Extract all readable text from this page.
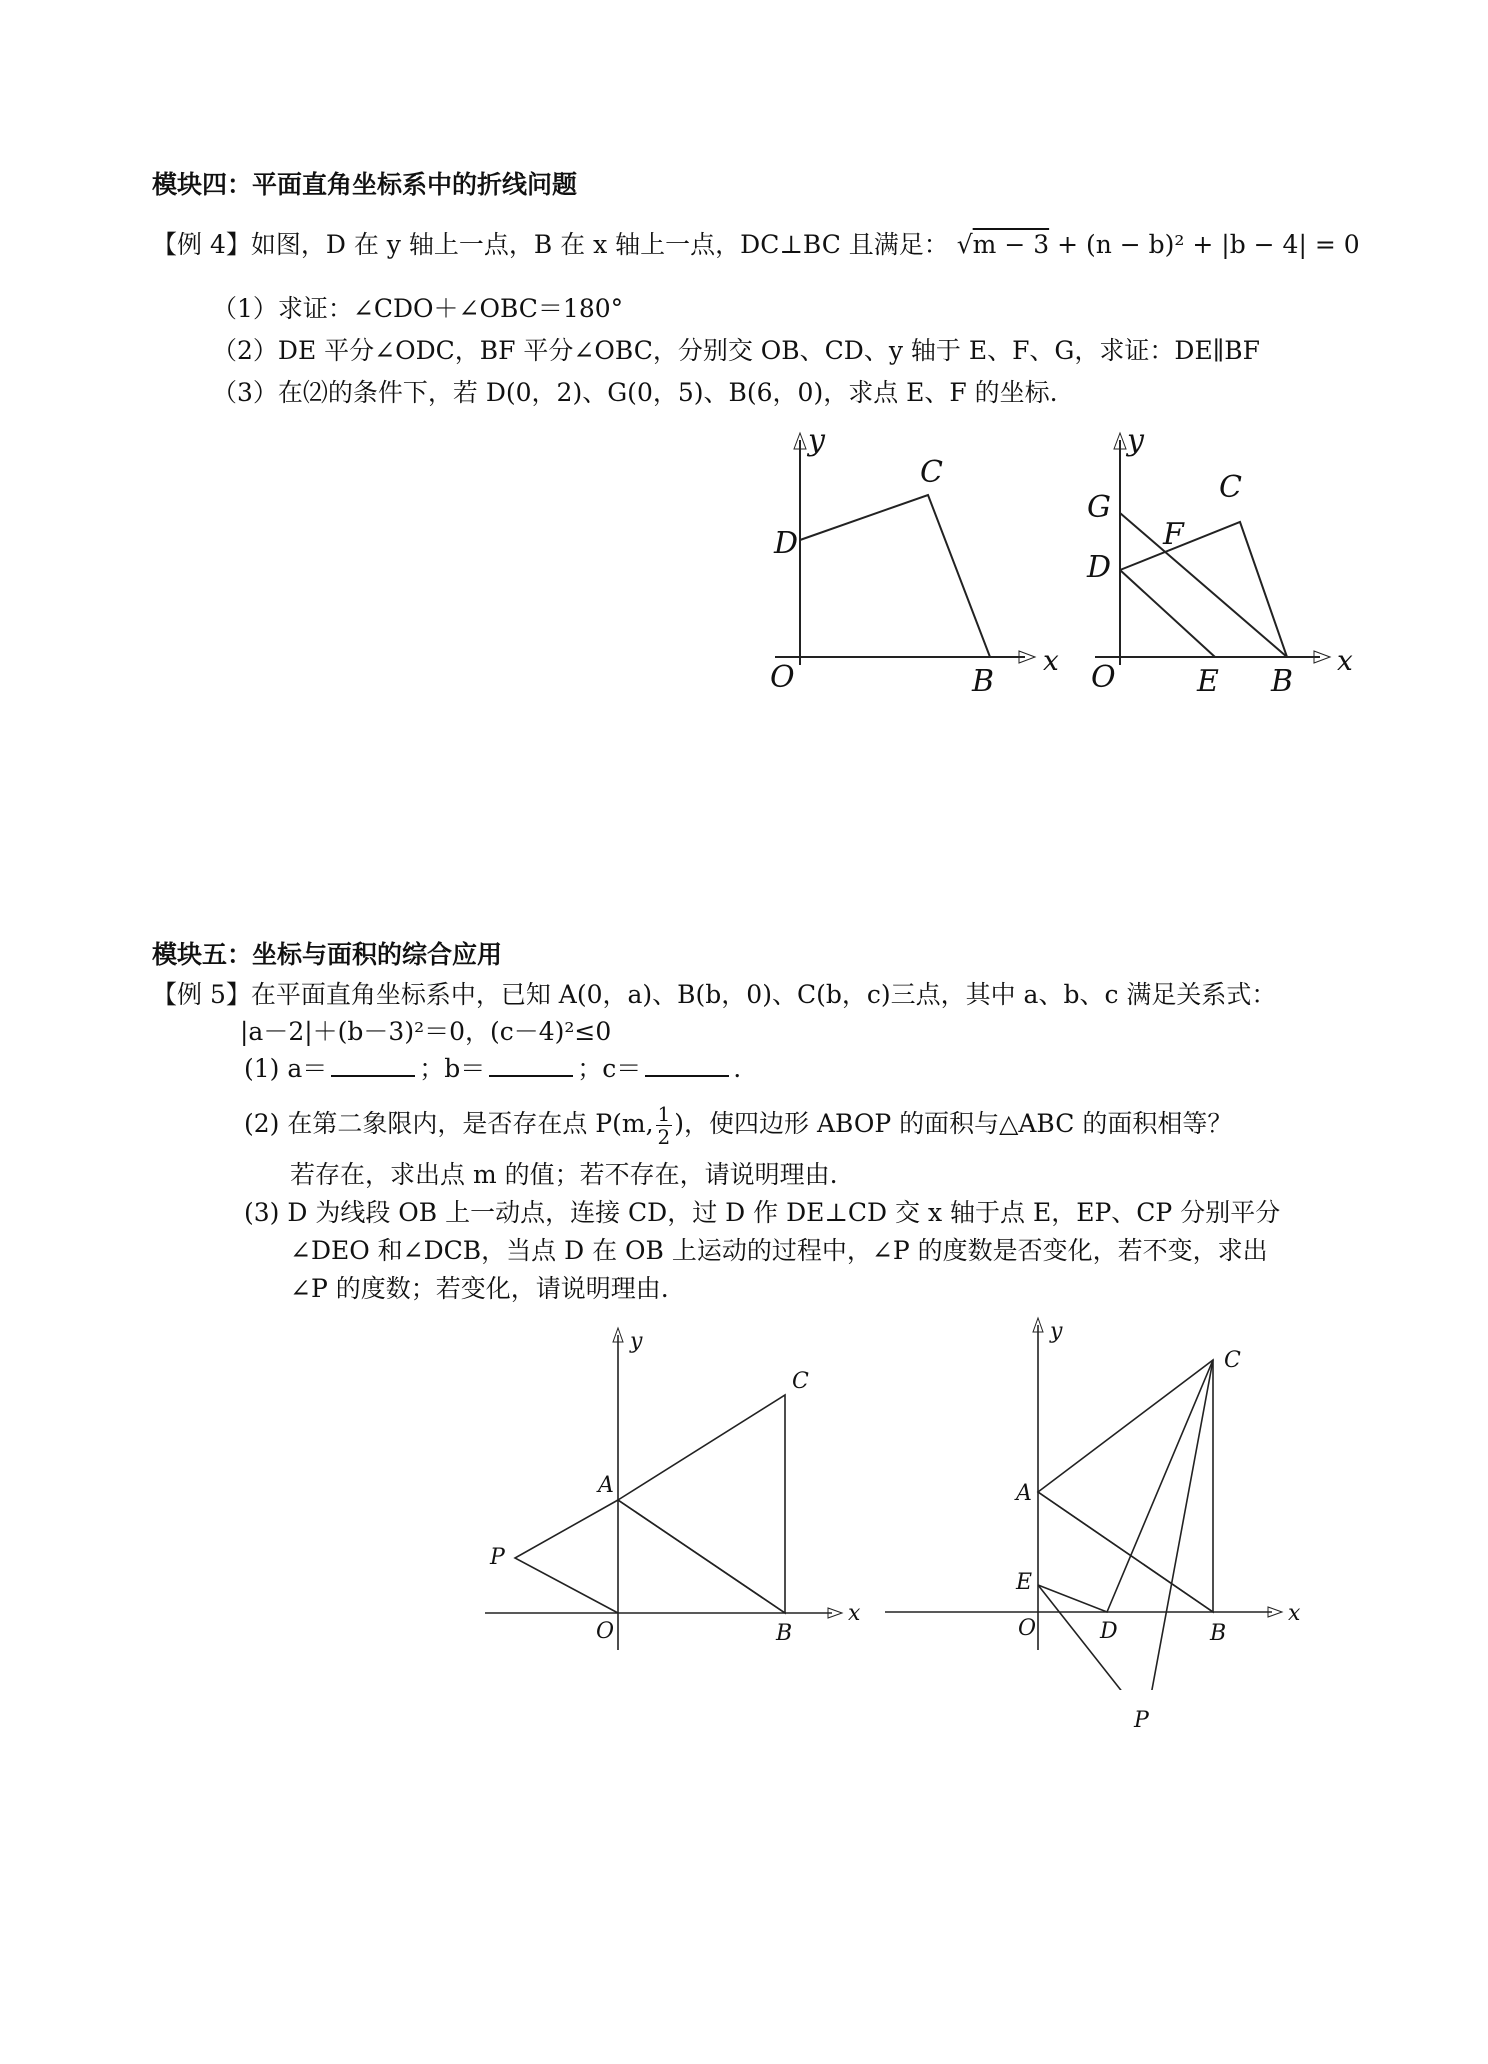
模块四：平面直角坐标系中的折线问题
【例 4】如图，D 在 y 轴上一点，B 在 x 轴上一点，DC⊥BC 且满足： √m − 3 + (n − b)² + |b − 4| = 0
（1）求证：∠CDO＋∠OBC＝180°
（2）DE 平分∠ODC，BF 平分∠OBC，分别交 OB、CD、y 轴于 E、F、G，求证：DE∥BF
（3）在⑵的条件下，若 D(0，2)、G(0，5)、B(6，0)，求点 E、F 的坐标.
y
x
O
D
C
B
y
x
O
G
C
F
D
E B
模块五：坐标与面积的综合应用
【例 5】在平面直角坐标系中，已知 A(0，a)、B(b，0)、C(b，c)三点，其中 a、b、c 满足关系式：
|a－2|＋(b－3)²＝0，(c－4)²≤0
(1) a＝	；b＝	；c＝	.
(2) 在第二象限内，是否存在点 P(m, $\frac{1}{2}$ )，使四边形 ABOP 的面积与△ABC 的面积相等？
若存在，求出点 m 的值；若不存在，请说明理由.
(3) D 为线段 OB 上一动点，连接 CD，过 D 作 DE⊥CD 交 x 轴于点 E，EP、CP 分别平分
∠DEO 和∠DCB，当点 D 在 OB 上运动的过程中，∠P 的度数是否变化，若不变，求出
∠P 的度数；若变化，请说明理由.
y
x
O
A
C
P
B
y
x
O
A
C
E
D	B
P
